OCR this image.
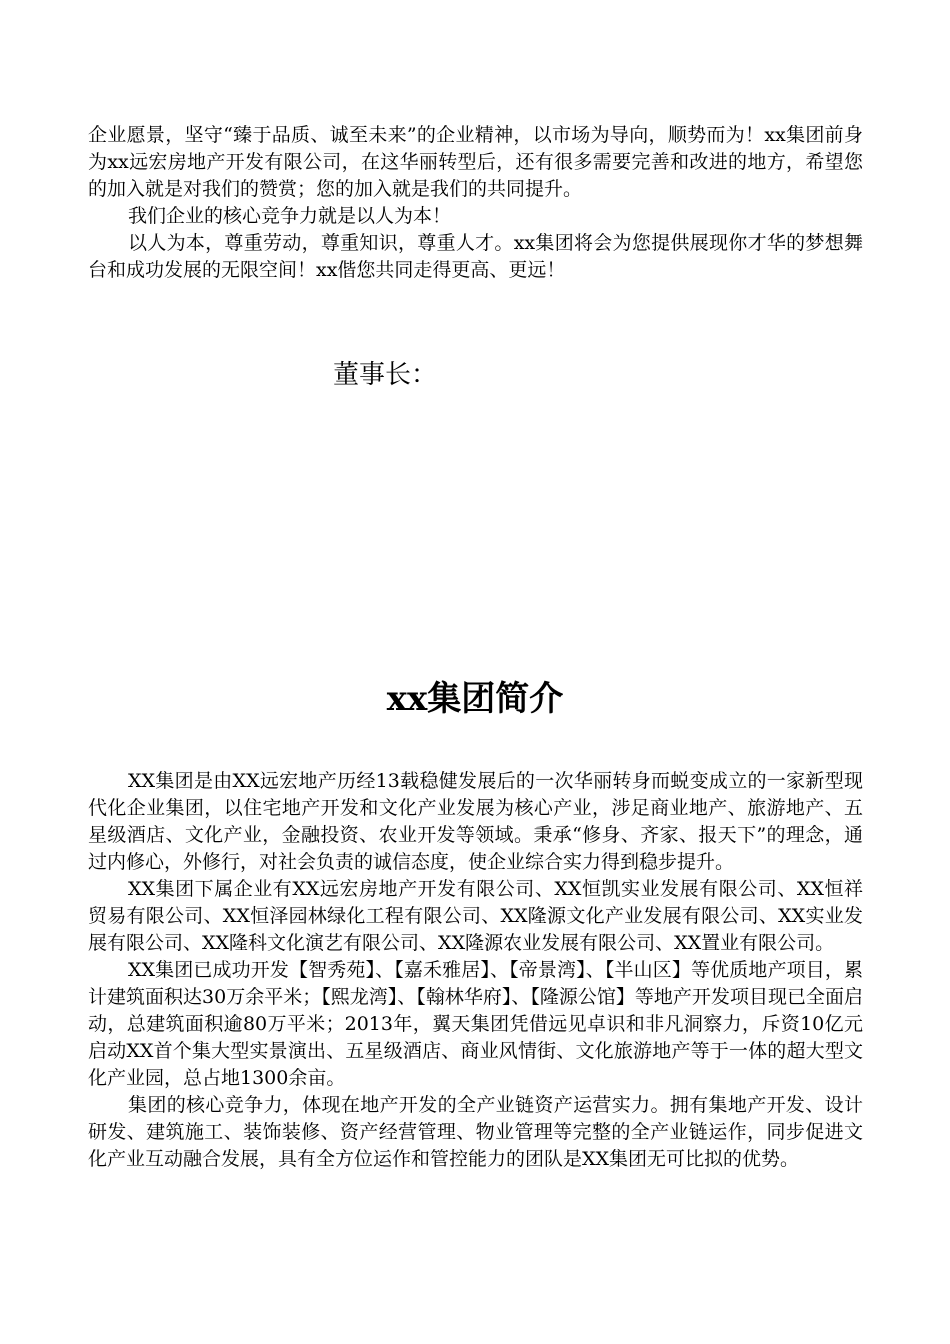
企业愿景，坚守“臻于品质、诚至未来”的企业精神，以市场为导向，顺势而为！xx集团前身为xx远宏房地产开发有限公司，在这华丽转型后，还有很多需要完善和改进的地方，希望您的加入就是对我们的赞赏；您的加入就是我们的共同提升。

我们企业的核心竞争力就是以人为本！

以人为本，尊重劳动，尊重知识，尊重人才。xx集团将会为您提供展现你才华的梦想舞台和成功发展的无限空间！xx偕您共同走得更高、更远！

董事长：

xx集团简介

XX集团是由XX远宏地产历经13载稳健发展后的一次华丽转身而蜕变成立的一家新型现代化企业集团，以住宅地产开发和文化产业发展为核心产业，涉足商业地产、旅游地产、五星级酒店、文化产业，金融投资、农业开发等领域。秉承“修身、齐家、报天下”的理念，通过内修心，外修行，对社会负责的诚信态度，使企业综合实力得到稳步提升。

XX集团下属企业有XX远宏房地产开发有限公司、XX恒凯实业发展有限公司、XX恒祥贸易有限公司、XX恒泽园林绿化工程有限公司、XX隆源文化产业发展有限公司、XX实业发展有限公司、XX隆科文化演艺有限公司、XX隆源农业发展有限公司、XX置业有限公司。

XX集团已成功开发【智秀苑】、【嘉禾雅居】、【帝景湾】、【半山区】等优质地产项目，累计建筑面积达30万余平米；【熙龙湾】、【翰林华府】、【隆源公馆】等地产开发项目现已全面启动，总建筑面积逾80万平米；2013年，翼天集团凭借远见卓识和非凡洞察力，斥资10亿元启动XX首个集大型实景演出、五星级酒店、商业风情街、文化旅游地产等于一体的超大型文化产业园，总占地1300余亩。

集团的核心竞争力，体现在地产开发的全产业链资产运营实力。拥有集地产开发、设计研发、建筑施工、装饰装修、资产经营管理、物业管理等完整的全产业链运作，同步促进文化产业互动融合发展，具有全方位运作和管控能力的团队是XX集团无可比拟的优势。
